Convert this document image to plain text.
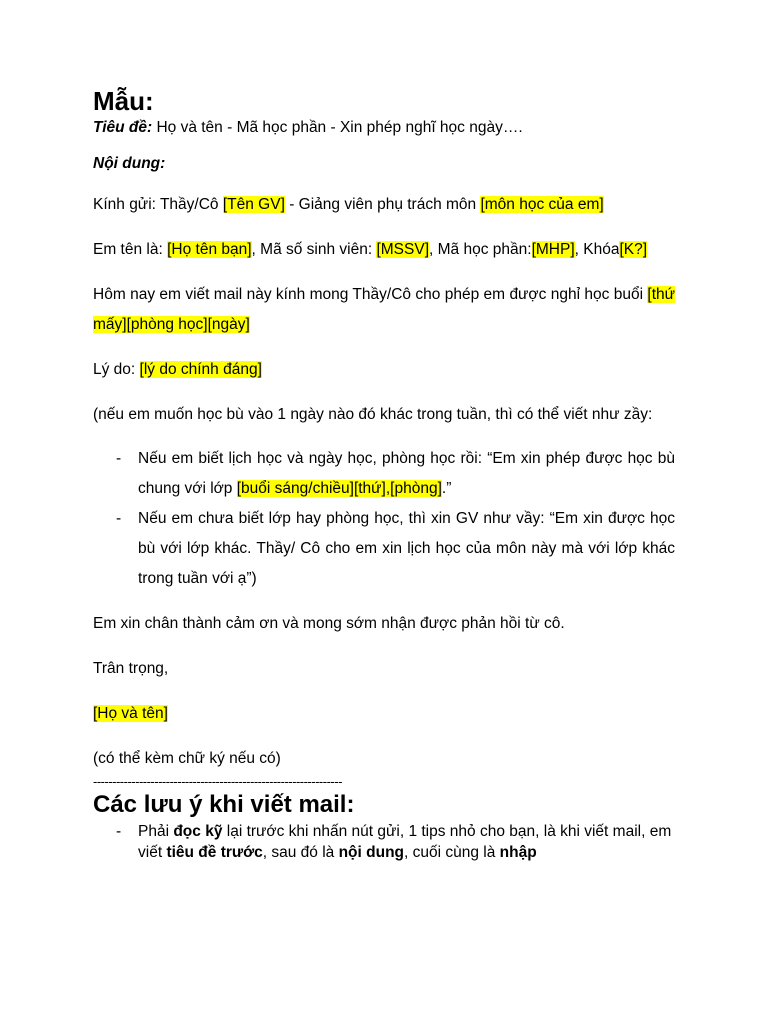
Mẫu:

Tiêu đề: Họ và tên - Mã học phần - Xin phép nghĩ học ngày….

Nội dung:

Kính gửi: Thầy/Cô [Tên GV] - Giảng viên phụ trách môn [môn học của em]

Em tên là: [Họ tên bạn], Mã số sinh viên: [MSSV], Mã học phần:[MHP], Khóa[K?]

Hôm nay em viết mail này kính mong Thầy/Cô cho phép em được nghỉ học buổi [thứ mấy][phòng học][ngày]

Lý do: [lý do chính đáng]

(nếu em muốn học bù vào 1 ngày nào đó khác trong tuần, thì có thể viết như zầy:

- Nếu em biết lịch học và ngày học, phòng học rồi: “Em xin phép được học bù chung với lớp [buổi sáng/chiều][thứ],[phòng].”
- Nếu em chưa biết lớp hay phòng học, thì xin GV như vầy: “Em xin được học bù với lớp khác. Thầy/ Cô cho em xin lịch học của môn này mà với lớp khác trong tuần với ạ”)

Em xin chân thành cảm ơn và mong sớm nhận được phản hồi từ cô.

Trân trọng,

[Họ và tên]

(có thể kèm chữ ký nếu có)

-----------------------------------------------------------------
Các lưu ý khi viết mail:
- Phải đọc kỹ lại trước khi nhấn nút gửi, 1 tips nhỏ cho bạn, là khi viết mail, em viết tiêu đề trước, sau đó là nội dung, cuối cùng là nhập
